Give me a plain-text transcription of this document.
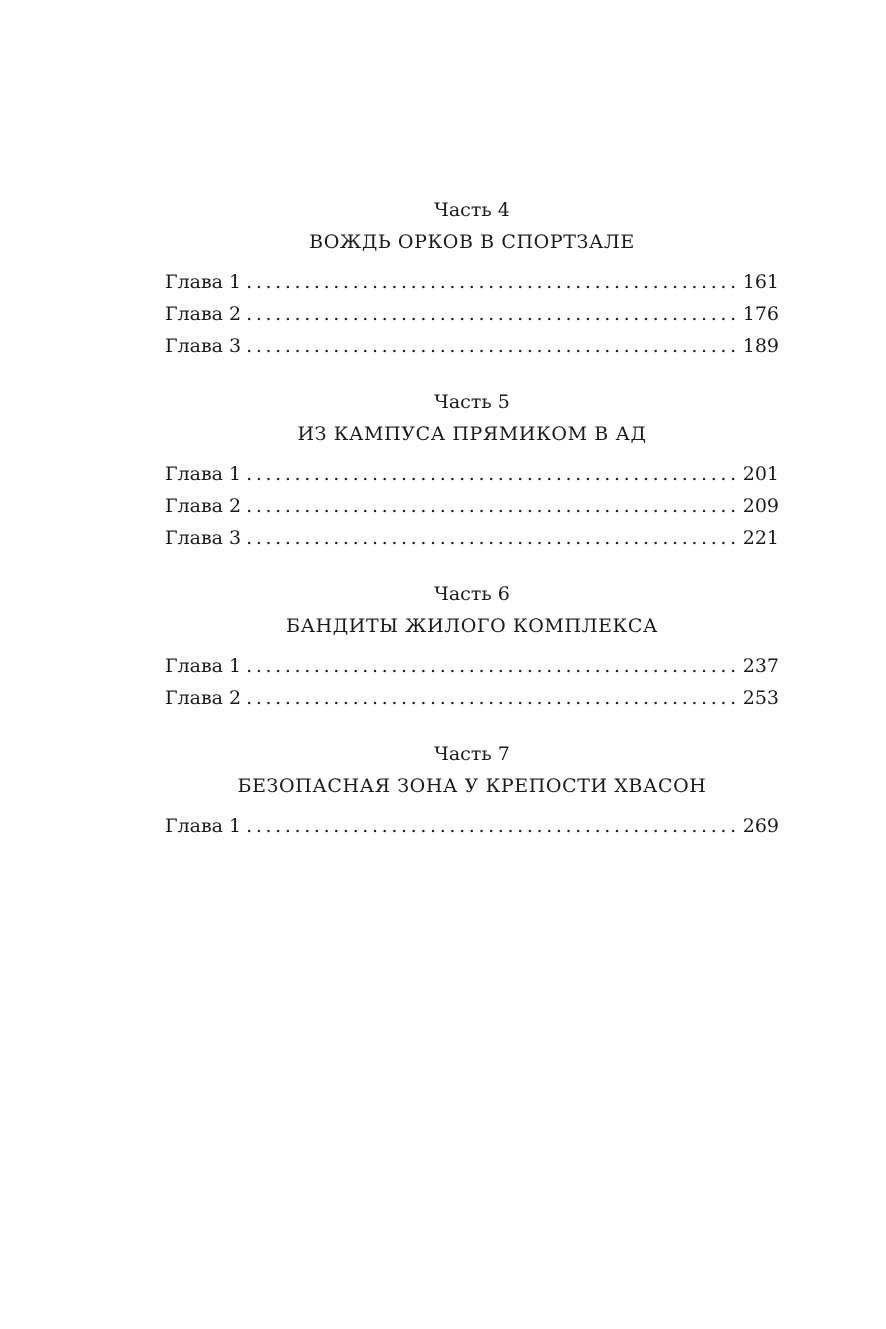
Часть 4
ВОЖДЬ ОРКОВ В СПОРТЗАЛЕ
Глава 1 . . .	161
Глава 2 . . .	176
Глава 3 . . .	189
Часть 5
ИЗ КАМПУСА ПРЯМИКОМ В АД
Глава 1 . . .	201
Глава 2 . . .	209
Глава 3 . . .	221
Часть 6
БАНДИТЫ ЖИЛОГО КОМПЛЕКСА
Глава 1 . . .	237
Глава 2 . . .	253
Часть 7
БЕЗОПАСНАЯ ЗОНА У КРЕПОСТИ ХВАСОН
Глава 1 . . .	269
